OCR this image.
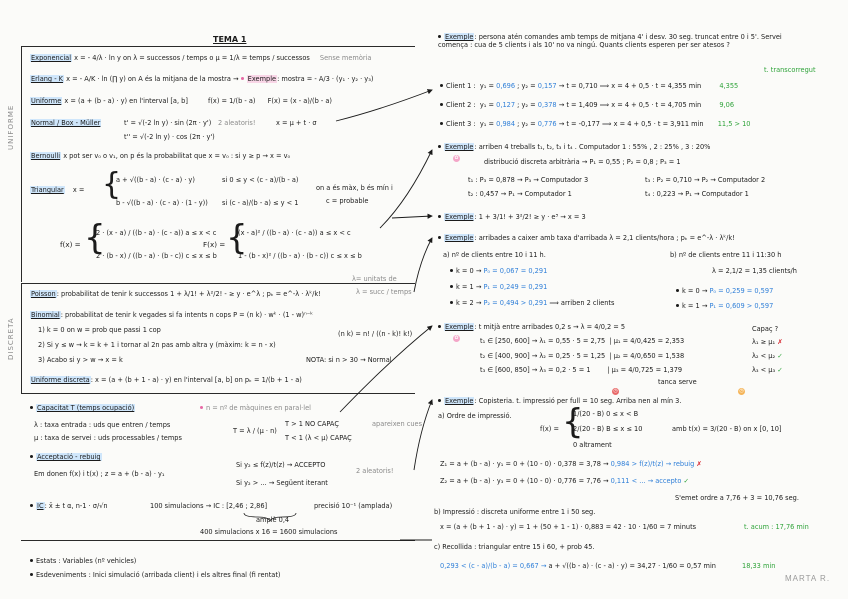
TEMA 1
UNIFORME
DISCRETA
Exponencial x = - 4/λ · ln y on λ = successos / temps o μ = 1/λ = temps / successos Sense memòria
Erlang - K x = - A/K · ln (∏ y) on A és la mitjana de la mostra → Exemple: mostra = - A/3 · (y₁ · y₂ · y₃)
Uniforme x = (a + (b - a) · y) en l'interval [a, b]	f(x) = 1/(b - a) F(x) = (x - a)/(b - a)
Normal / Box - Müller	t' = √(-2 ln y) · sin (2π · y') 2 aleatoris!	x = μ + t · σ
t'' = √(-2 ln y) · cos (2π · y')
Bernoulli x pot ser v₀ o v₁, on p és la probabilitat que x = v₀ : si y ≥ p → x = v₀
Triangular x = {
a + √((b - a) · (c - a) · y)	si 0 ≤ y < (c - a)/(b - a)
b - √((b - a) · (c - a) · (1 - y)) si (c - a)/(b - a) ≤ y < 1
on a és màx, b és mín i
c = probable
f(x) = {
2 · (x - a) / ((b - a) · (c - a)) a ≤ x < c
2 · (b - x) / ((b - a) · (b - c)) c ≤ x ≤ b
F(x) = {
(x - a)² / ((b - a) · (c - a)) a ≤ x < c
1 - (b - x)² / ((b - a) · (b - c)) c ≤ x ≤ b
λ= unitats de
Poisson: probabilitat de tenir k successos 1 + λ/1! + λ²/2! - ≥ y · e^λ ; pₖ = e^-λ · λᵏ/k!	λ = succ / temps
Binomial: probabilitat de tenir k vegades si fa intents n cops P = (n k) · wᵏ · (1 - w)ⁿ⁻ᵏ
1) k = 0 on w = prob que passi 1 cop
2) Si y ≤ w → k = k + 1 i tornar al 2n pas amb altra y (màxim: k = n - x)
3) Acabo si y > w → x = k
(n k) = n! / ((n - k)! k!)
NOTA: si n > 30 → Normal
Uniforme discreta: x = (a + (b + 1 - a) · y) en l'interval [a, b] on pₖ = 1/(b + 1 - a)
Capacitat T (temps ocupació)	n = nº de màquines en paral·lel
λ : taxa entrada : uds que entren / temps
μ : taxa de servei : uds processables / temps
T = λ / (μ · n)
T > 1 NO CAPAÇ
T < 1 (λ < μ) CAPAÇ
apareixen cues
Acceptació - rebuig
Em donen f(x) i t(x) ; z = a + (b - a) · y₁
Si y₂ ≤ f(z)/t(z) → ACCEPTO
Si y₂ > ... → Següent iterant
2 aleatoris!
IC: x̄ ± t α, n-1 · σ/√n	100 simulacions → IC : [2,46 ; 2,86]	precisió 10⁻¹ (amplada)
amplè 0,4
400 simulacions x 16 = 1600 simulacions
Estats : Variables (nº vehicles)
Esdeveniments : Inici simulació (arribada client) i els altres final (fi rentat)
Exemple: persona atén comandes amb temps de mitjana 4' i desv. 30 seg. truncat entre 0 i 5'. Servei comença : cua de 5 clients i als 10' no va ningú. Quants clients esperen per ser atesos ?
t. transcorregut
Client 1 :  y₁ = 0,696 ; y₂ = 0,157 → t = 0,710 ⟹ x = 4 + 0,5 · t = 4,355 min	4,355
Client 2 :  y₁ = 0,127 ; y₂ = 0,378 → t = 1,409 ⟹ x = 4 + 0,5 · t = 4,705 min	9,06
Client 3 :  y₁ = 0,984 ; y₂ = 0,776 → t = -0,177 ⟹ x = 4 + 0,5 · t = 3,911 min 11,5 > 10
Exemple: arriben 4 treballs t₁, t₂, t₃ i t₄ . Computador 1 : 55% , 2 : 25% , 3 : 20%
✿	distribució discreta arbitrària → P₁ = 0,55 ; P₂ = 0,8 ; P₃ = 1
t₁ : P₃ = 0,878 → P₃ → Computador 3
t₂ : 0,457 → P₁ → Computador 1
t₃ : P₂ = 0,710 → P₂ → Computador 2
t₄ : 0,223 → P₁ → Computador 1
Exemple: 1 + 3/1! + 3²/2! ≥ y · e³ → x = 3
Exemple: arribades a caixer amb taxa d'arribada λ = 2,1 clients/hora ; pₖ = e^-λ · λᵏ/k!
a) nº de clients entre 10 i 11 h.	b) nº de clients entre 11 i 11:30 h
k = 0 → P₀ = 0,067 = 0,291
k = 1 → P₁ = 0,249 = 0,291
k = 2 → P₂ = 0,494 > 0,291 ⟹ arriben 2 clients
λ = 2,1/2 = 1,35 clients/h
k = 0 → P₀ = 0,259 = 0,597
k = 1 → P₁ = 0,609 > 0,597
Exemple: t mitjà entre arribades 0,2 s → λ = 4/0,2 = 5
✿
Capaç ?
t₁ ∈ [250, 600] → λ₁ = 0,55 · 5 = 2,75  | μ₁ = 4/0,425 = 2,353
t₂ ∈ [400, 900] → λ₂ = 0,25 · 5 = 1,25  | μ₂ = 4/0,650 = 1,538
t₃ ∈ [600, 850] → λ₃ = 0,2 · 5 = 1        | μ₃ = 4/0,725 = 1,379
λ₁ ≥ μ₁ ✗
λ₂ < μ₂ ✓
λ₃ < μ₃ ✓
tanca serve
Exemple: Copisteria. t. impressió per full = 10 seg. Arriba nen al mín 3.
◷	◷
a) Ordre de impressió.
f(x) = {
1/(20 - B) 0 ≤ x < B
2/(20 - B) B ≤ x ≤ 10
0 altrament
amb t(x) = 3/(20 - B) on x [0, 10]
Z₁ = a + (b - a) · y₁ = 0 + (10 - 0) · 0,378 = 3,78 → 0,984 > f(z)/t(z) → rebuig ✗
Z₂ = a + (b - a) · y₃ = 0 + (10 - 0) · 0,776 = 7,76 → 0,111 < ... → accepto ✓
S'emet ordre a 7,76 + 3 = 10,76 seg.
b) Impressió : discreta uniforme entre 1 i 50 seg.
x = (a + (b + 1 - a) · y) = 1 + (50 + 1 - 1) · 0,883 = 42 · 10 · 1/60 = 7 minuts	t. acum : 17,76 min
c) Recollida : triangular entre 15 i 60, + prob 45.
0,293 < (c - a)/(b - a) = 0,667 → a + √((b - a) · (c - a) · y) = 34,27 · 1/60 = 0,57 min	18,33 min
MARTA R.
